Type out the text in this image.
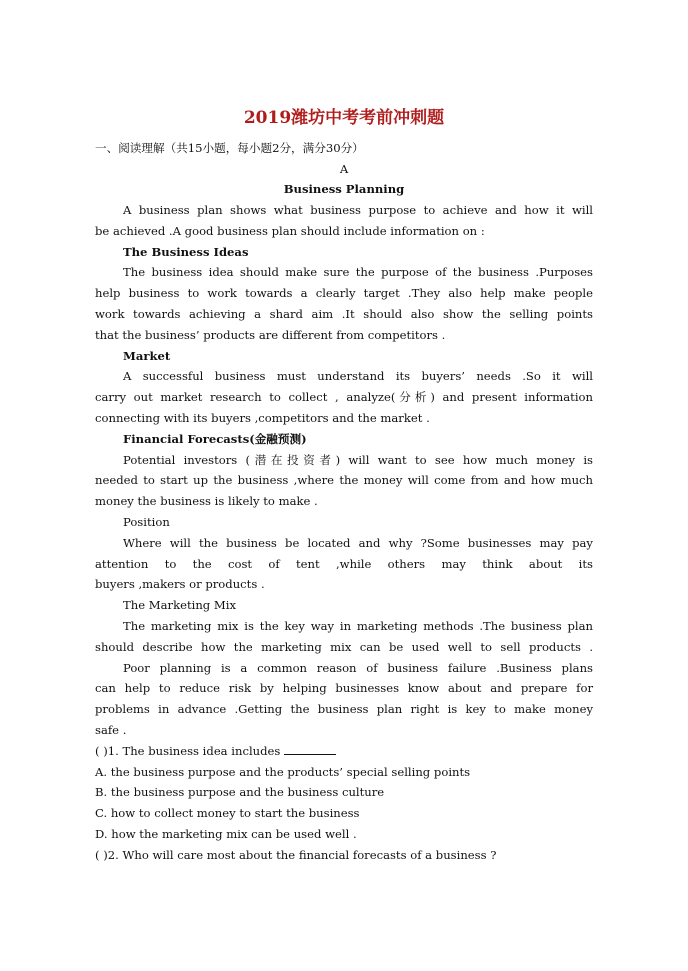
2019潍坊中考考前冲刺题
一、阅读理解（共15小题，每小题2分，满分30分）
A
Business Planning
A business plan shows what business purpose to achieve and how it will
be achieved .A good business plan should include information on :
The Business Ideas
The business idea should make sure the purpose of the business .Purposes
help business to work towards a clearly target .They also help make people
work towards achieving a shard aim .It should also show the selling points
that the business’ products are different from competitors .
Market
A successful business must understand its buyers’ needs .So it will
carry out market research to collect , analyze(分析) and present information
connecting with its buyers ,competitors and the market .
Financial Forecasts(金融预测)
Potential investors (潜在投资者) will want to see how much money is
needed to start up the business ,where the money will come from and how much
money the business is likely to make .
Position
Where will the business be located and why ?Some businesses may pay
attention to the cost of tent ,while others may think about its
buyers ,makers or products .
The Marketing Mix
The marketing mix is the key way in marketing methods .The business plan
should describe how the marketing mix can be used well to sell products .
Poor planning is a common reason of business failure .Business plans
can help to reduce risk by helping businesses know about and prepare for
problems in advance .Getting the business plan right is key to make money
safe .
( )1. The business idea includes
A. the business purpose and the products’ special selling points
B. the business purpose and the business culture
C. how to collect money to start the business
D. how the marketing mix can be used well .
( )2. Who will care most about the financial forecasts of a business ?
